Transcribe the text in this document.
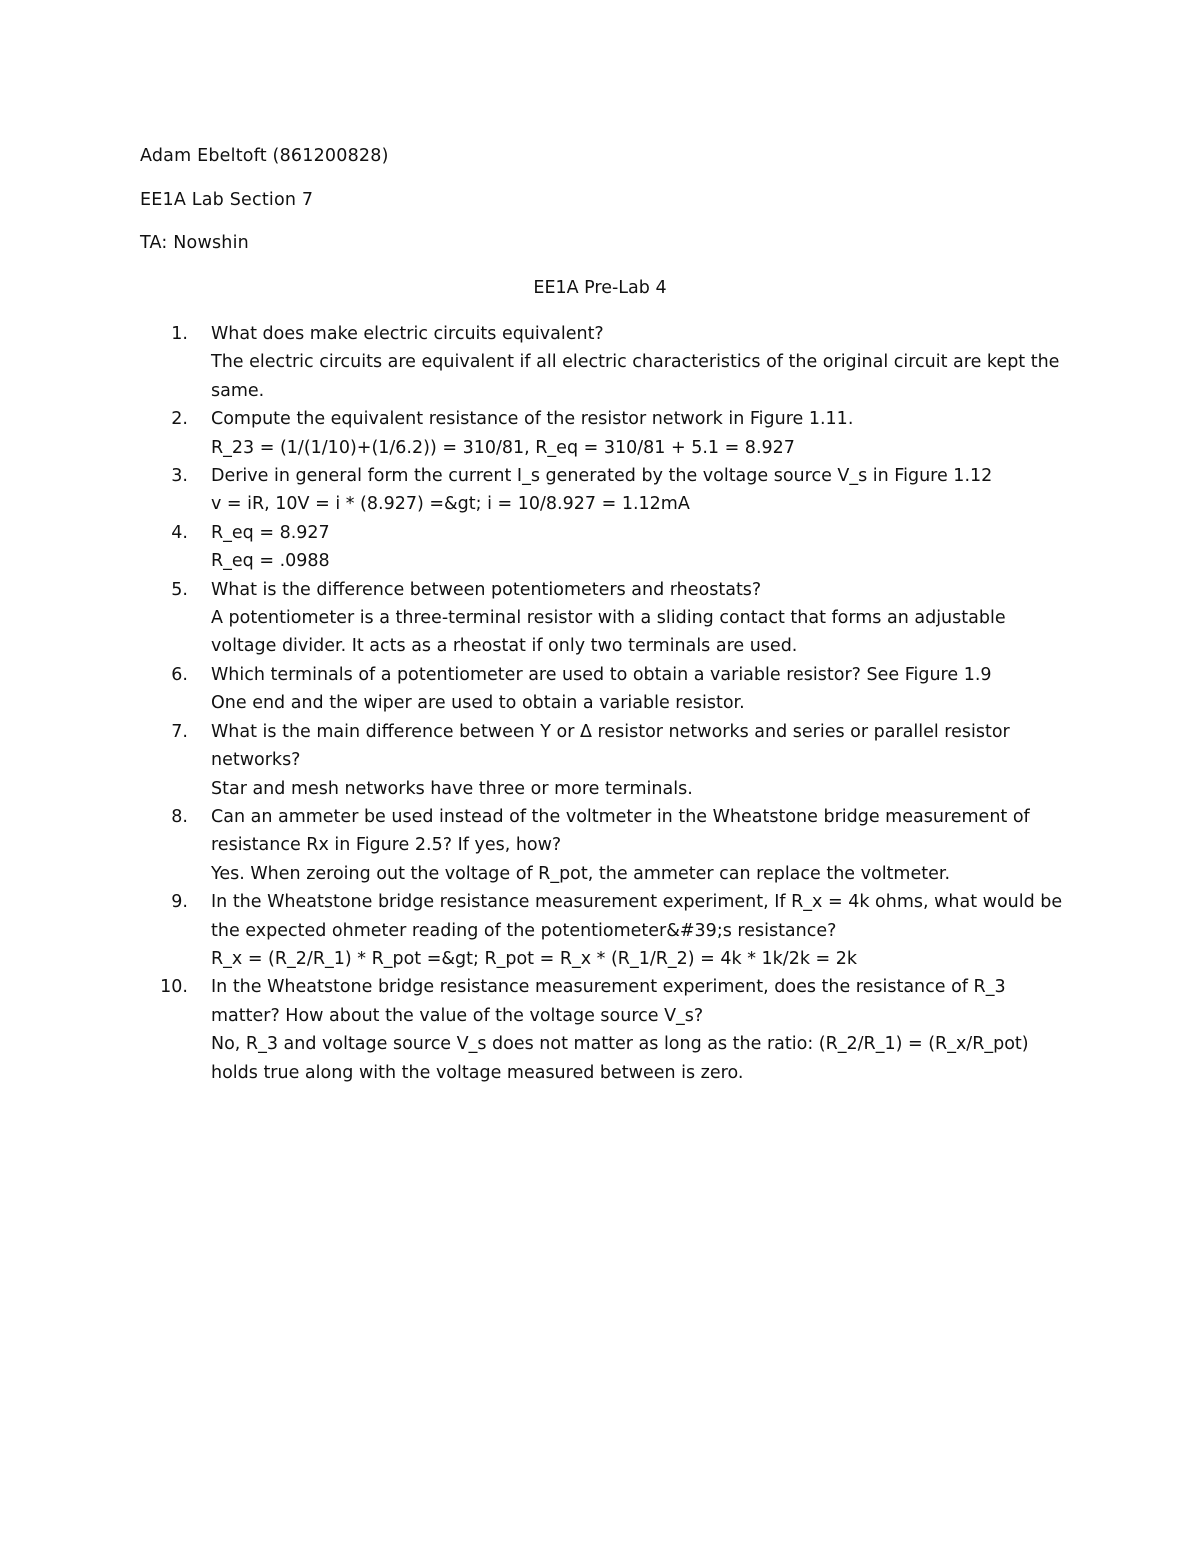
Adam Ebeltoft (861200828)
EE1A Lab Section 7
TA: Nowshin
EE1A Pre-Lab 4
1. What does make electric circuits equivalent?
The electric circuits are equivalent if all electric characteristics of the original circuit are kept the
same.
2. Compute the equivalent resistance of the resistor network in Figure 1.11.
R_23 = (1/(1/10)+(1/6.2)) = 310/81, R_eq = 310/81 + 5.1 = 8.927
3. Derive in general form the current I_s generated by the voltage source V_s in Figure 1.12
v = iR, 10V = i * (8.927) =&gt; i = 10/8.927 = 1.12mA
4. R_eq = 8.927
R_eq = .0988
5. What is the difference between potentiometers and rheostats?
A potentiometer is a three-terminal resistor with a sliding contact that forms an adjustable
voltage divider. It acts as a rheostat if only two terminals are used.
6. Which terminals of a potentiometer are used to obtain a variable resistor? See Figure 1.9
One end and the wiper are used to obtain a variable resistor.
7. What is the main difference between Y or Δ resistor networks and series or parallel resistor
networks?
Star and mesh networks have three or more terminals.
8. Can an ammeter be used instead of the voltmeter in the Wheatstone bridge measurement of
resistance Rx in Figure 2.5? If yes, how?
Yes. When zeroing out the voltage of R_pot, the ammeter can replace the voltmeter.
9. In the Wheatstone bridge resistance measurement experiment, If R_x = 4k ohms, what would be
the expected ohmeter reading of the potentiometer&#39;s resistance?
R_x = (R_2/R_1) * R_pot =&gt; R_pot = R_x * (R_1/R_2) = 4k * 1k/2k = 2k
10. In the Wheatstone bridge resistance measurement experiment, does the resistance of R_3
matter? How about the value of the voltage source V_s?
No, R_3 and voltage source V_s does not matter as long as the ratio: (R_2/R_1) = (R_x/R_pot)
holds true along with the voltage measured between is zero.
